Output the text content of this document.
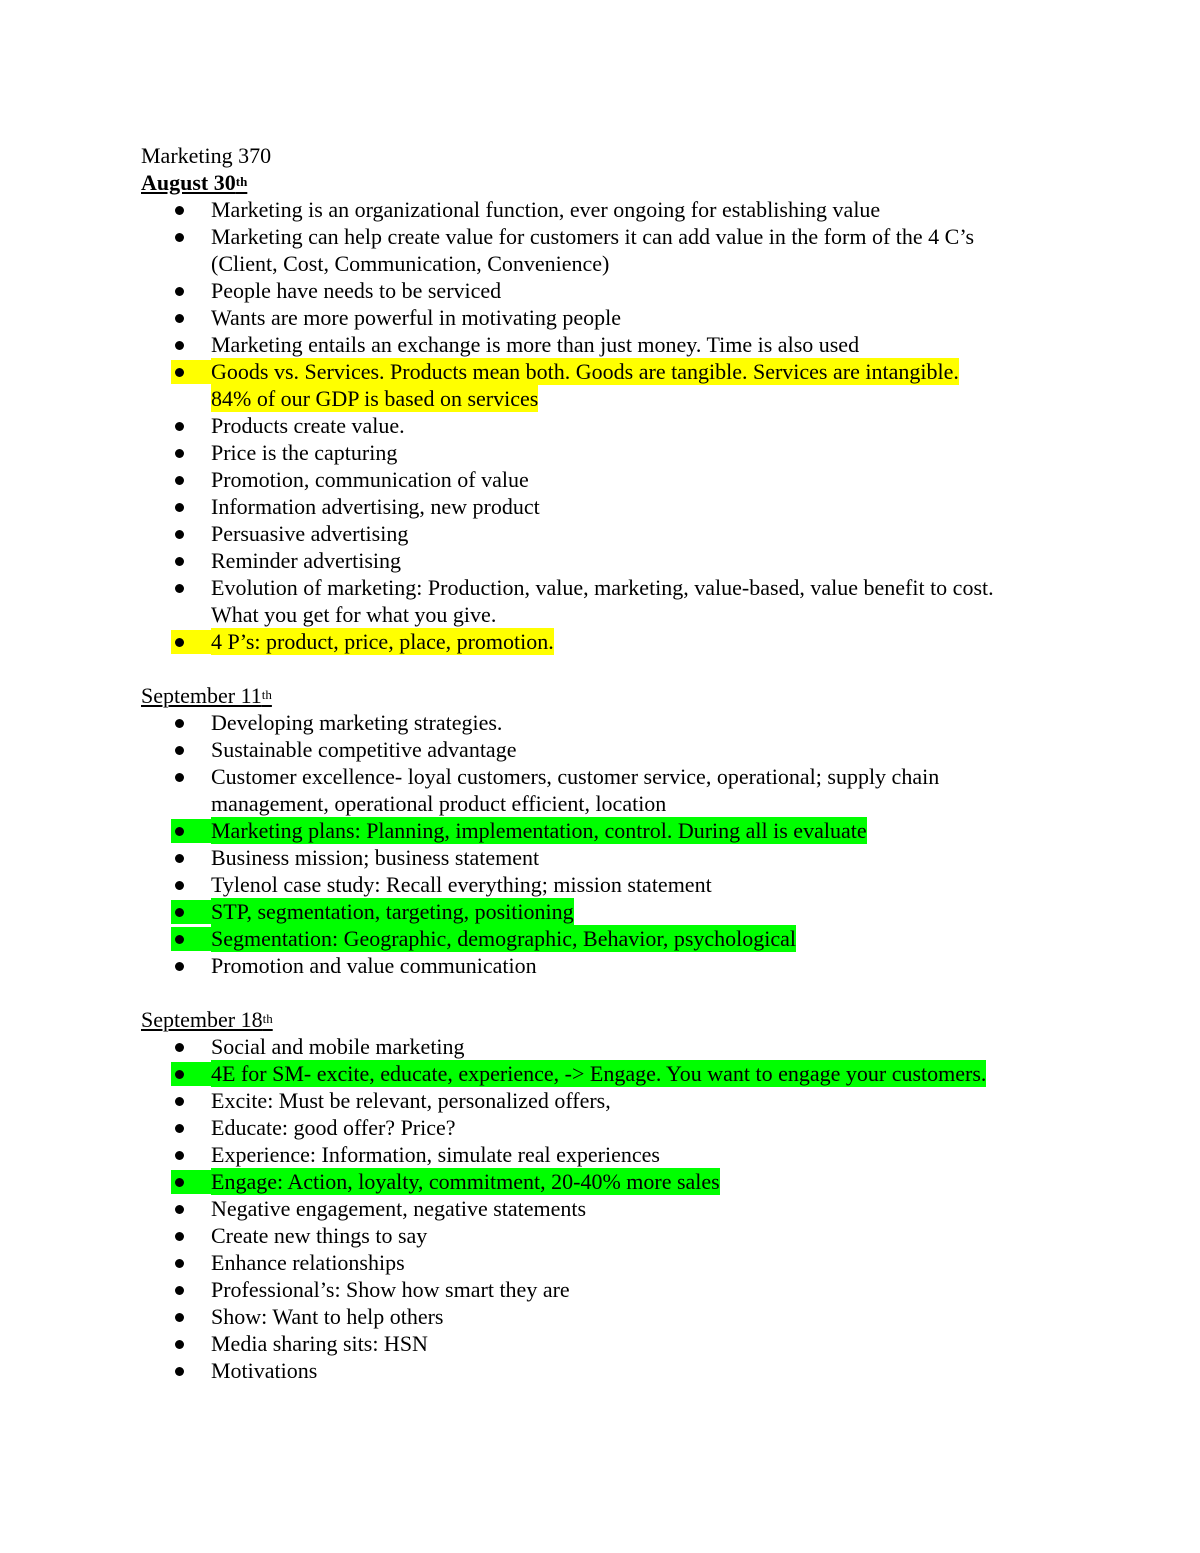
Marketing 370
August 30th
Marketing is an organizational function, ever ongoing for establishing value
Marketing can help create value for customers it can add value in the form of the 4 C’s
(Client, Cost, Communication, Convenience)
People have needs to be serviced
Wants are more powerful in motivating people
Marketing entails an exchange is more than just money. Time is also used
Goods vs. Services. Products mean both. Goods are tangible. Services are intangible.
84% of our GDP is based on services
Products create value.
Price is the capturing
Promotion, communication of value
Information advertising, new product
Persuasive advertising
Reminder advertising
Evolution of marketing: Production, value, marketing, value-based, value benefit to cost.
What you get for what you give.
4 P’s: product, price, place, promotion.
September 11th
Developing marketing strategies.
Sustainable competitive advantage
Customer excellence- loyal customers, customer service, operational; supply chain
management, operational product efficient, location
Marketing plans: Planning, implementation, control. During all is evaluate
Business mission; business statement
Tylenol case study: Recall everything; mission statement
STP, segmentation, targeting, positioning
Segmentation: Geographic, demographic, Behavior, psychological
Promotion and value communication
September 18th
Social and mobile marketing
4E for SM- excite, educate, experience, -> Engage. You want to engage your customers.
Excite: Must be relevant, personalized offers,
Educate: good offer? Price?
Experience: Information, simulate real experiences
Engage: Action, loyalty, commitment, 20-40% more sales
Negative engagement, negative statements
Create new things to say
Enhance relationships
Professional’s: Show how smart they are
Show: Want to help others
Media sharing sits: HSN
Motivations
